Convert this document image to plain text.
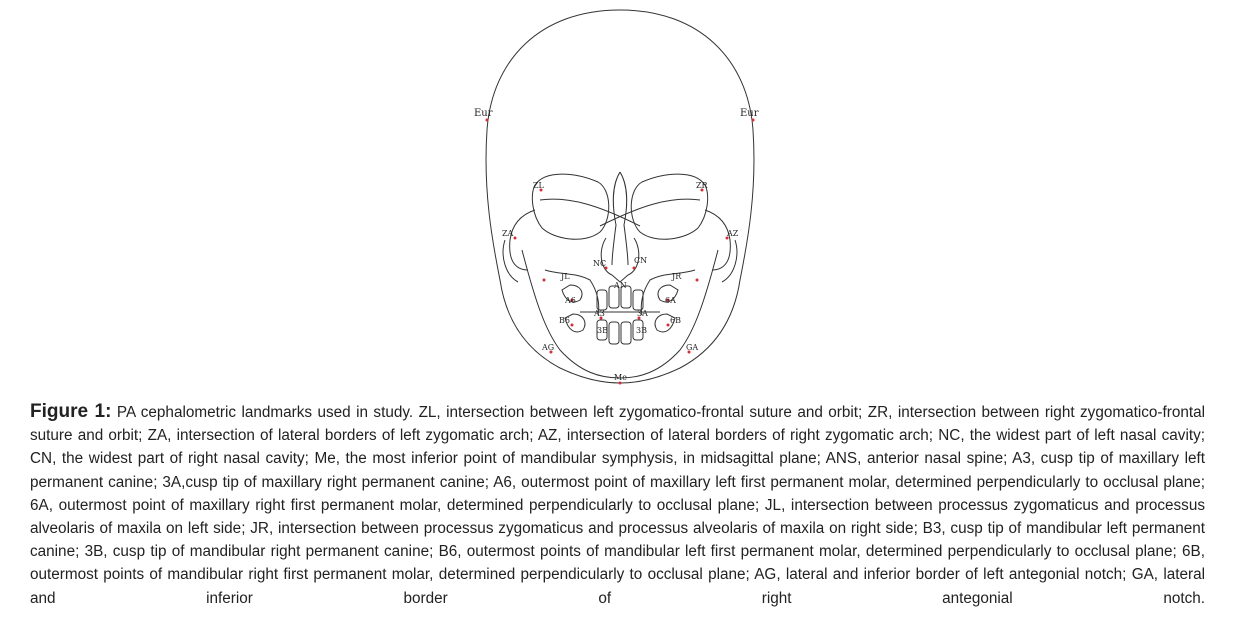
Eur	Eur
ZL	ZR
ZA	AZ
NC	CN
AN
JL	JR
A6	6A
B6
A3	3A
6B
3B	3B
AG	GA
Me
Figure 1: PA cephalometric landmarks used in study. ZL, intersection between left zygomatico-frontal suture and orbit; ZR, intersection between right zygomatico-frontal suture and orbit; ZA, intersection of lateral borders of left zygomatic arch; AZ, intersection of lateral borders of right zygomatic arch; NC, the widest part of left nasal cavity; CN, the widest part of right nasal cavity; Me, the most inferior point of mandibular symphysis, in midsagittal plane; ANS, anterior nasal spine; A3, cusp tip of maxillary left permanent canine; 3A,cusp tip of maxillary right permanent canine; A6, outermost point of maxillary left first permanent molar, determined perpendicularly to occlusal plane; 6A, outermost point of maxillary right first permanent molar, determined perpendicularly to occlusal plane; JL, intersection between processus zygomaticus and processus alveolaris of maxila on left side; JR, intersection between processus zygomaticus and processus alveolaris of maxila on right side; B3, cusp tip of mandibular left permanent canine; 3B, cusp tip of mandibular right permanent canine; B6, outermost points of mandibular left first permanent molar, determined perpendicularly to occlusal plane; 6B, outermost points of mandibular right first permanent molar, determined perpendicularly to occlusal plane; AG, lateral and inferior border of left antegonial notch; GA, lateral and inferior border of right antegonial notch.
